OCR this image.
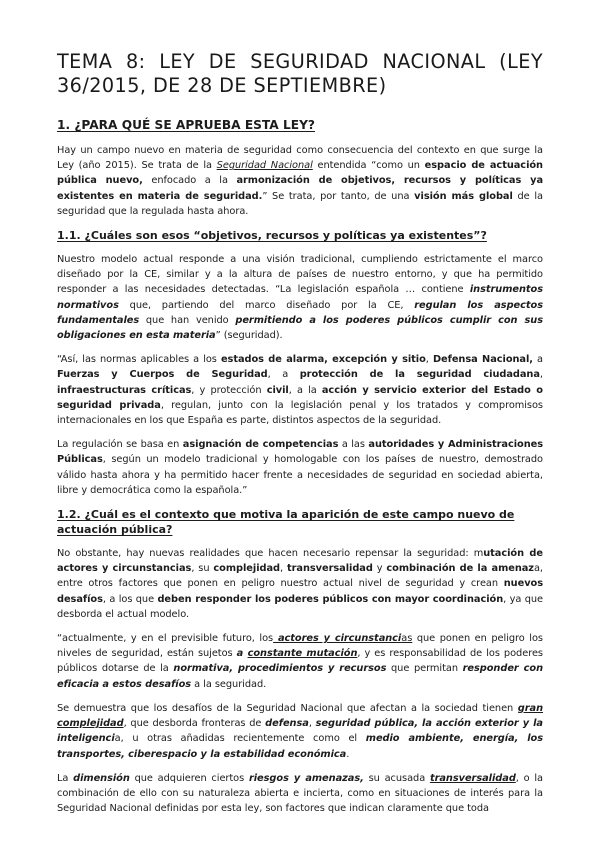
TEMA 8: LEY DE SEGURIDAD NACIONAL (LEY 36/2015, DE 28 DE SEPTIEMBRE)
1. ¿PARA QUÉ SE APRUEBA ESTA LEY?

Hay un campo nuevo en materia de seguridad como consecuencia del contexto en que surge la Ley (año 2015). Se trata de la Seguridad Nacional entendida “como un espacio de actuación pública nuevo, enfocado a la armonización de objetivos, recursos y políticas ya existentes en materia de seguridad.” Se trata, por tanto, de una visión más global de la seguridad que la regulada hasta ahora.

1.1. ¿Cuáles son esos “objetivos, recursos y políticas ya existentes”?

Nuestro modelo actual responde a una visión tradicional, cumpliendo estrictamente el marco diseñado por la CE, similar y a la altura de países de nuestro entorno, y que ha permitido responder a las necesidades detectadas. “La legislación española … contiene instrumentos normativos que, partiendo del marco diseñado por la CE, regulan los aspectos fundamentales que han venido permitiendo a los poderes públicos cumplir con sus obligaciones en esta materia” (seguridad).

“Así, las normas aplicables a los estados de alarma, excepción y sitio, Defensa Nacional, a Fuerzas y Cuerpos de Seguridad, a protección de la seguridad ciudadana, infraestructuras críticas, y protección civil, a la acción y servicio exterior del Estado o seguridad privada, regulan, junto con la legislación penal y los tratados y compromisos internacionales en los que España es parte, distintos aspectos de la seguridad.

La regulación se basa en asignación de competencias a las autoridades y Administraciones Públicas, según un modelo tradicional y homologable con los países de nuestro, demostrado válido hasta ahora y ha permitido hacer frente a necesidades de seguridad en sociedad abierta, libre y democrática como la española.”

1.2. ¿Cuál es el contexto que motiva la aparición de este campo nuevo de actuación pública?

No obstante, hay nuevas realidades que hacen necesario repensar la seguridad: mutación de actores y circunstancias, su complejidad, transversalidad y combinación de la amenaza, entre otros factores que ponen en peligro nuestro actual nivel de seguridad y crean nuevos desafíos, a los que deben responder los poderes públicos con mayor coordinación, ya que desborda el actual modelo.

“actualmente, y en el previsible futuro, los actores y circunstancias que ponen en peligro los niveles de seguridad, están sujetos a constante mutación, y es responsabilidad de los poderes públicos dotarse de la normativa, procedimientos y recursos que permitan responder con eficacia a estos desafíos a la seguridad.

Se demuestra que los desafíos de la Seguridad Nacional que afectan a la sociedad tienen gran complejidad, que desborda fronteras de defensa, seguridad pública, la acción exterior y la inteligencia, u otras añadidas recientemente como el medio ambiente, energía, los transportes, ciberespacio y la estabilidad económica.

La dimensión que adquieren ciertos riesgos y amenazas, su acusada transversalidad, o la combinación de ello con su naturaleza abierta e incierta, como en situaciones de interés para la Seguridad Nacional definidas por esta ley, son factores que indican claramente que toda
